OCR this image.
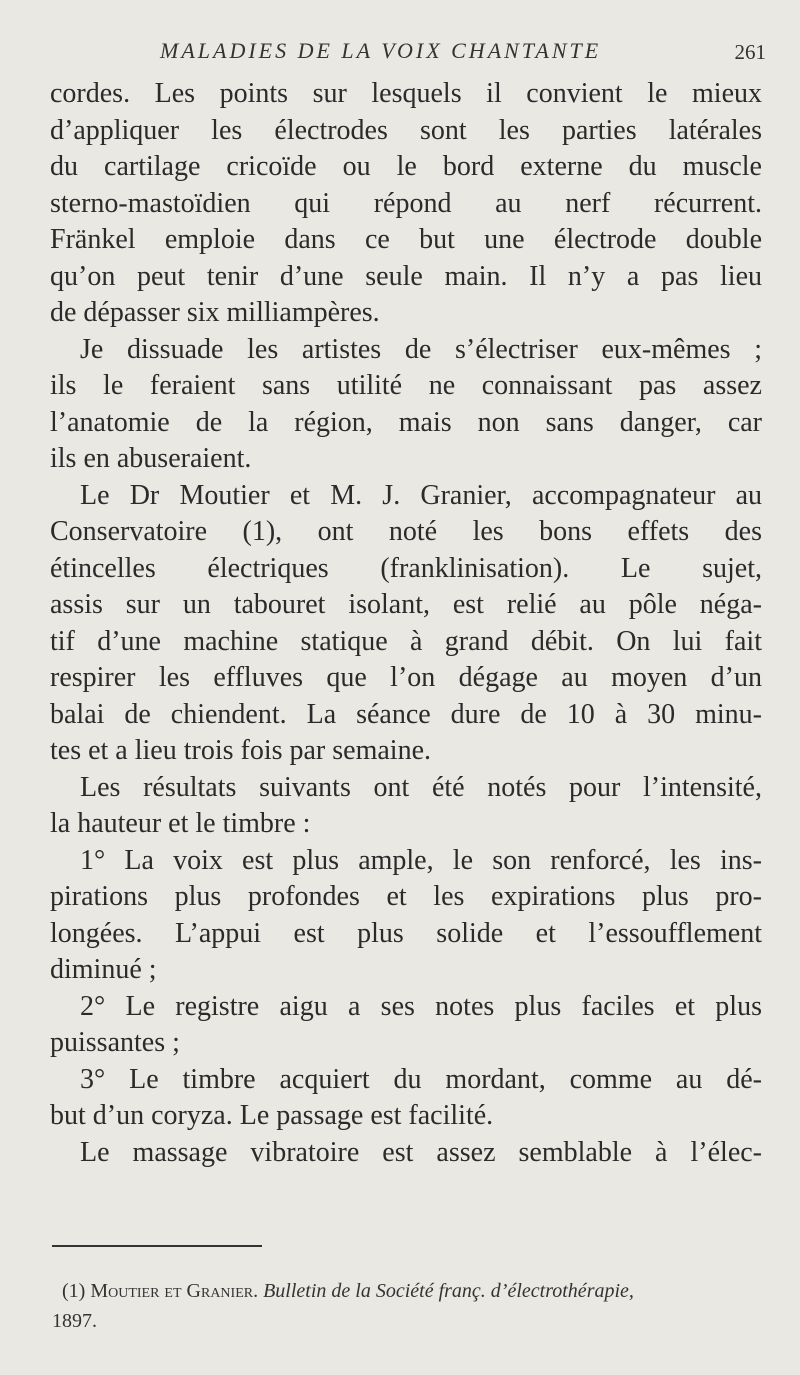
MALADIES DE LA VOIX CHANTANTE	261
cordes. Les points sur lesquels il convient le mieux
d’appliquer les électrodes sont les parties latérales
du cartilage cricoïde ou le bord externe du muscle
sterno-mastoïdien qui répond au nerf récurrent.
Fränkel emploie dans ce but une électrode double
qu’on peut tenir d’une seule main. Il n’y a pas lieu
de dépasser six milliampères.
Je dissuade les artistes de s’électriser eux-mêmes ;
ils le feraient sans utilité ne connaissant pas assez
l’anatomie de la région, mais non sans danger, car
ils en abuseraient.
Le Dr Moutier et M. J. Granier, accompagnateur au
Conservatoire (1), ont noté les bons effets des
étincelles électriques (franklinisation). Le sujet,
assis sur un tabouret isolant, est relié au pôle néga-
tif d’une machine statique à grand débit. On lui fait
respirer les effluves que l’on dégage au moyen d’un
balai de chiendent. La séance dure de 10 à 30 minu-
tes et a lieu trois fois par semaine.
Les résultats suivants ont été notés pour l’intensité,
la hauteur et le timbre :
1° La voix est plus ample, le son renforcé, les ins-
pirations plus profondes et les expirations plus pro-
longées. L’appui est plus solide et l’essoufflement
diminué ;
2° Le registre aigu a ses notes plus faciles et plus
puissantes ;
3° Le timbre acquiert du mordant, comme au dé-
but d’un coryza. Le passage est facilité.
Le massage vibratoire est assez semblable à l’élec-
(1) Moutier et Granier. Bulletin de la Société franç. d’électrothérapie,
1897.
